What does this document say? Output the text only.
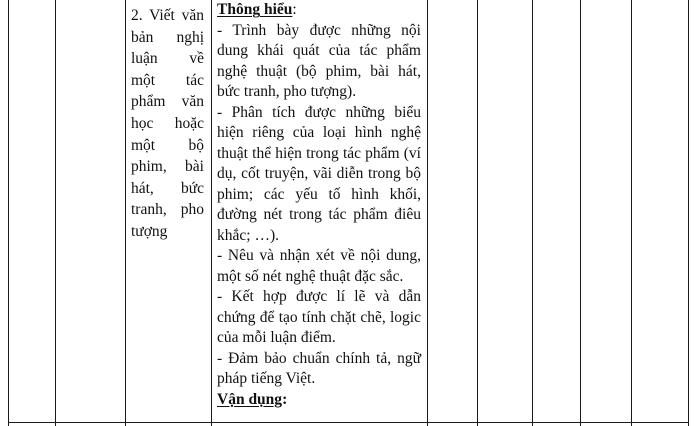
2. Viết văn bản nghị luận về một tác phẩm văn học hoặc một bộ phim, bài hát, bức tranh, pho tượng
Thông hiểu:
- Trình bày được những nội dung khái quát của tác phẩm nghệ thuật (bộ phim, bài hát, bức tranh, pho tượng).
- Phân tích được những biểu hiện riêng của loại hình nghệ thuật thể hiện trong tác phẩm (ví dụ, cốt truyện, vãi diễn trong bộ phim; các yếu tố hình khối, đường nét trong tác phẩm điêu khắc; …).
- Nêu và nhận xét về nội dung, một số nét nghệ thuật đặc sắc.
- Kết hợp được lí lẽ và dẫn chứng để tạo tính chặt chẽ, logic của mỗi luận điểm.
- Đảm bảo chuẩn chính tả, ngữ pháp tiếng Việt.
Vận dụng:
